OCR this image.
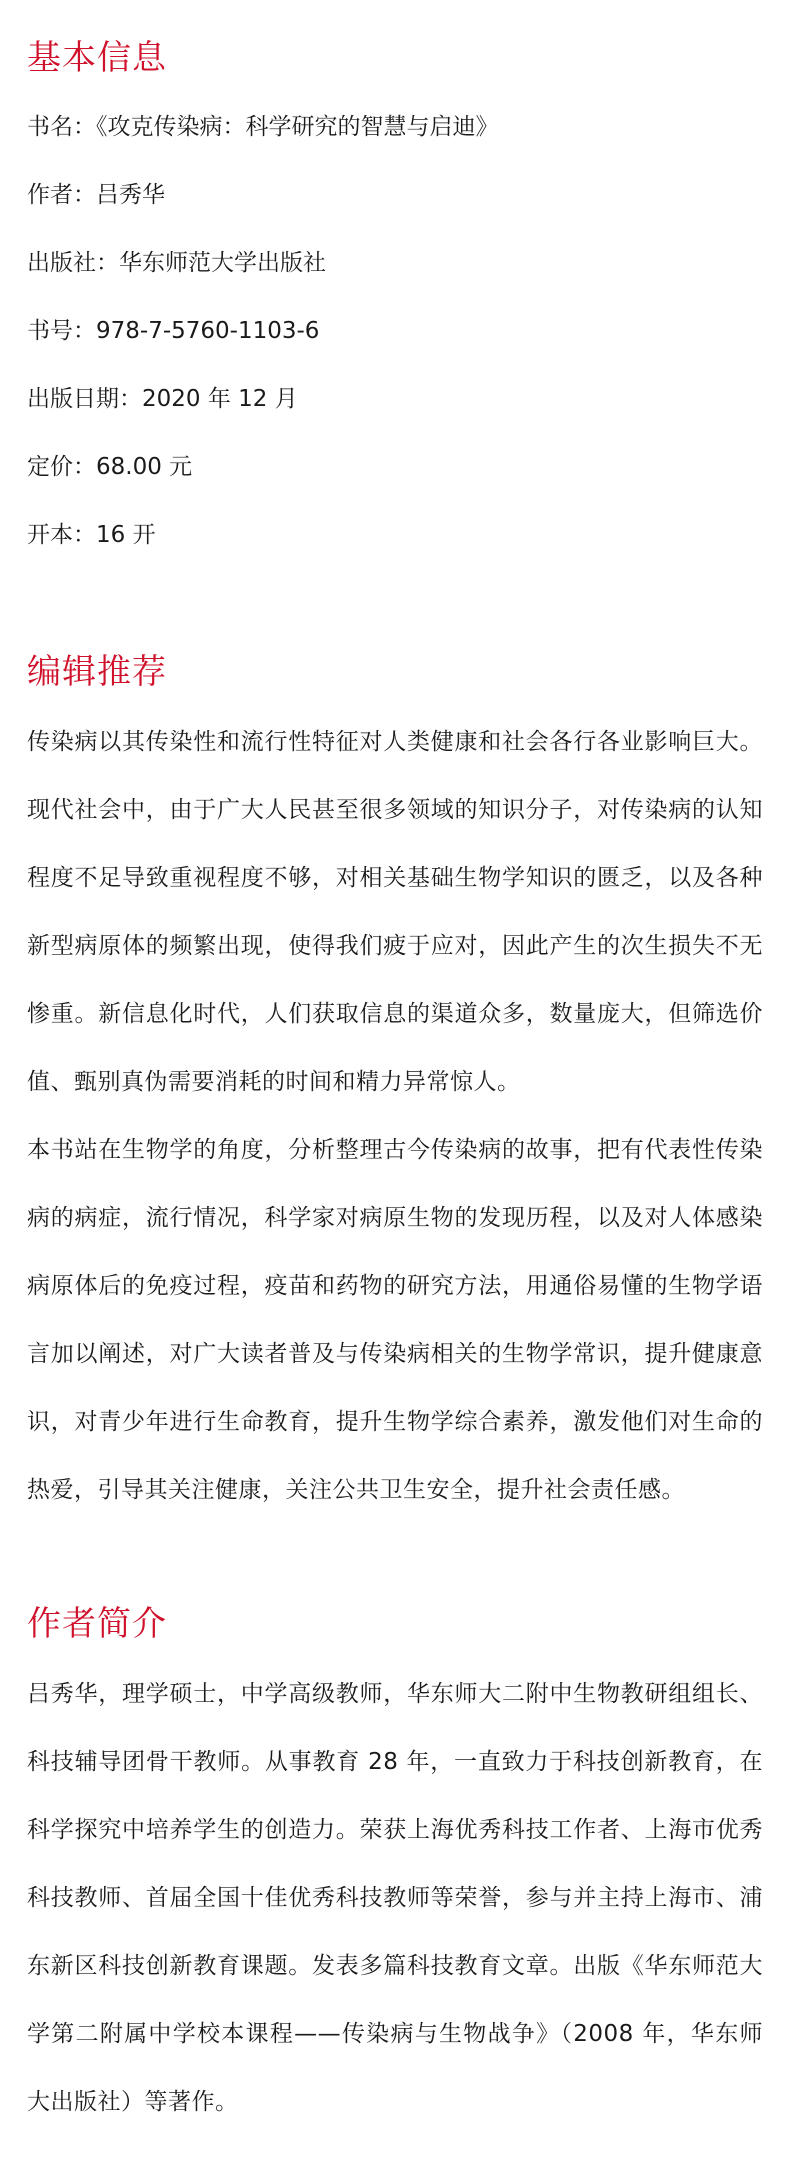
基本信息
书名：《攻克传染病：科学研究的智慧与启迪》
作者：吕秀华
出版社：华东师范大学出版社
书号：978-7-5760-1103-6
出版日期：2020 年 12 月
定价：68.00 元
开本：16 开
编辑推荐

传染病以其传染性和流行性特征对人类健康和社会各行各业影响巨大。现代社会中，由于广大人民甚至很多领域的知识分子，对传染病的认知程度不足导致重视程度不够，对相关基础生物学知识的匮乏，以及各种新型病原体的频繁出现，使得我们疲于应对，因此产生的次生损失不无惨重。新信息化时代，人们获取信息的渠道众多，数量庞大，但筛选价值、甄别真伪需要消耗的时间和精力异常惊人。

本书站在生物学的角度，分析整理古今传染病的故事，把有代表性传染病的病症，流行情况，科学家对病原生物的发现历程，以及对人体感染病原体后的免疫过程，疫苗和药物的研究方法，用通俗易懂的生物学语言加以阐述，对广大读者普及与传染病相关的生物学常识，提升健康意识，对青少年进行生命教育，提升生物学综合素养，激发他们对生命的热爱，引导其关注健康，关注公共卫生安全，提升社会责任感。

作者简介

吕秀华，理学硕士，中学高级教师，华东师大二附中生物教研组组长、科技辅导团骨干教师。从事教育 28 年，一直致力于科技创新教育，在科学探究中培养学生的创造力。荣获上海优秀科技工作者、上海市优秀科技教师、首届全国十佳优秀科技教师等荣誉，参与并主持上海市、浦东新区科技创新教育课题。发表多篇科技教育文章。出版《华东师范大学第二附属中学校本课程——传染病与生物战争》（2008 年，华东师大出版社）等著作。
